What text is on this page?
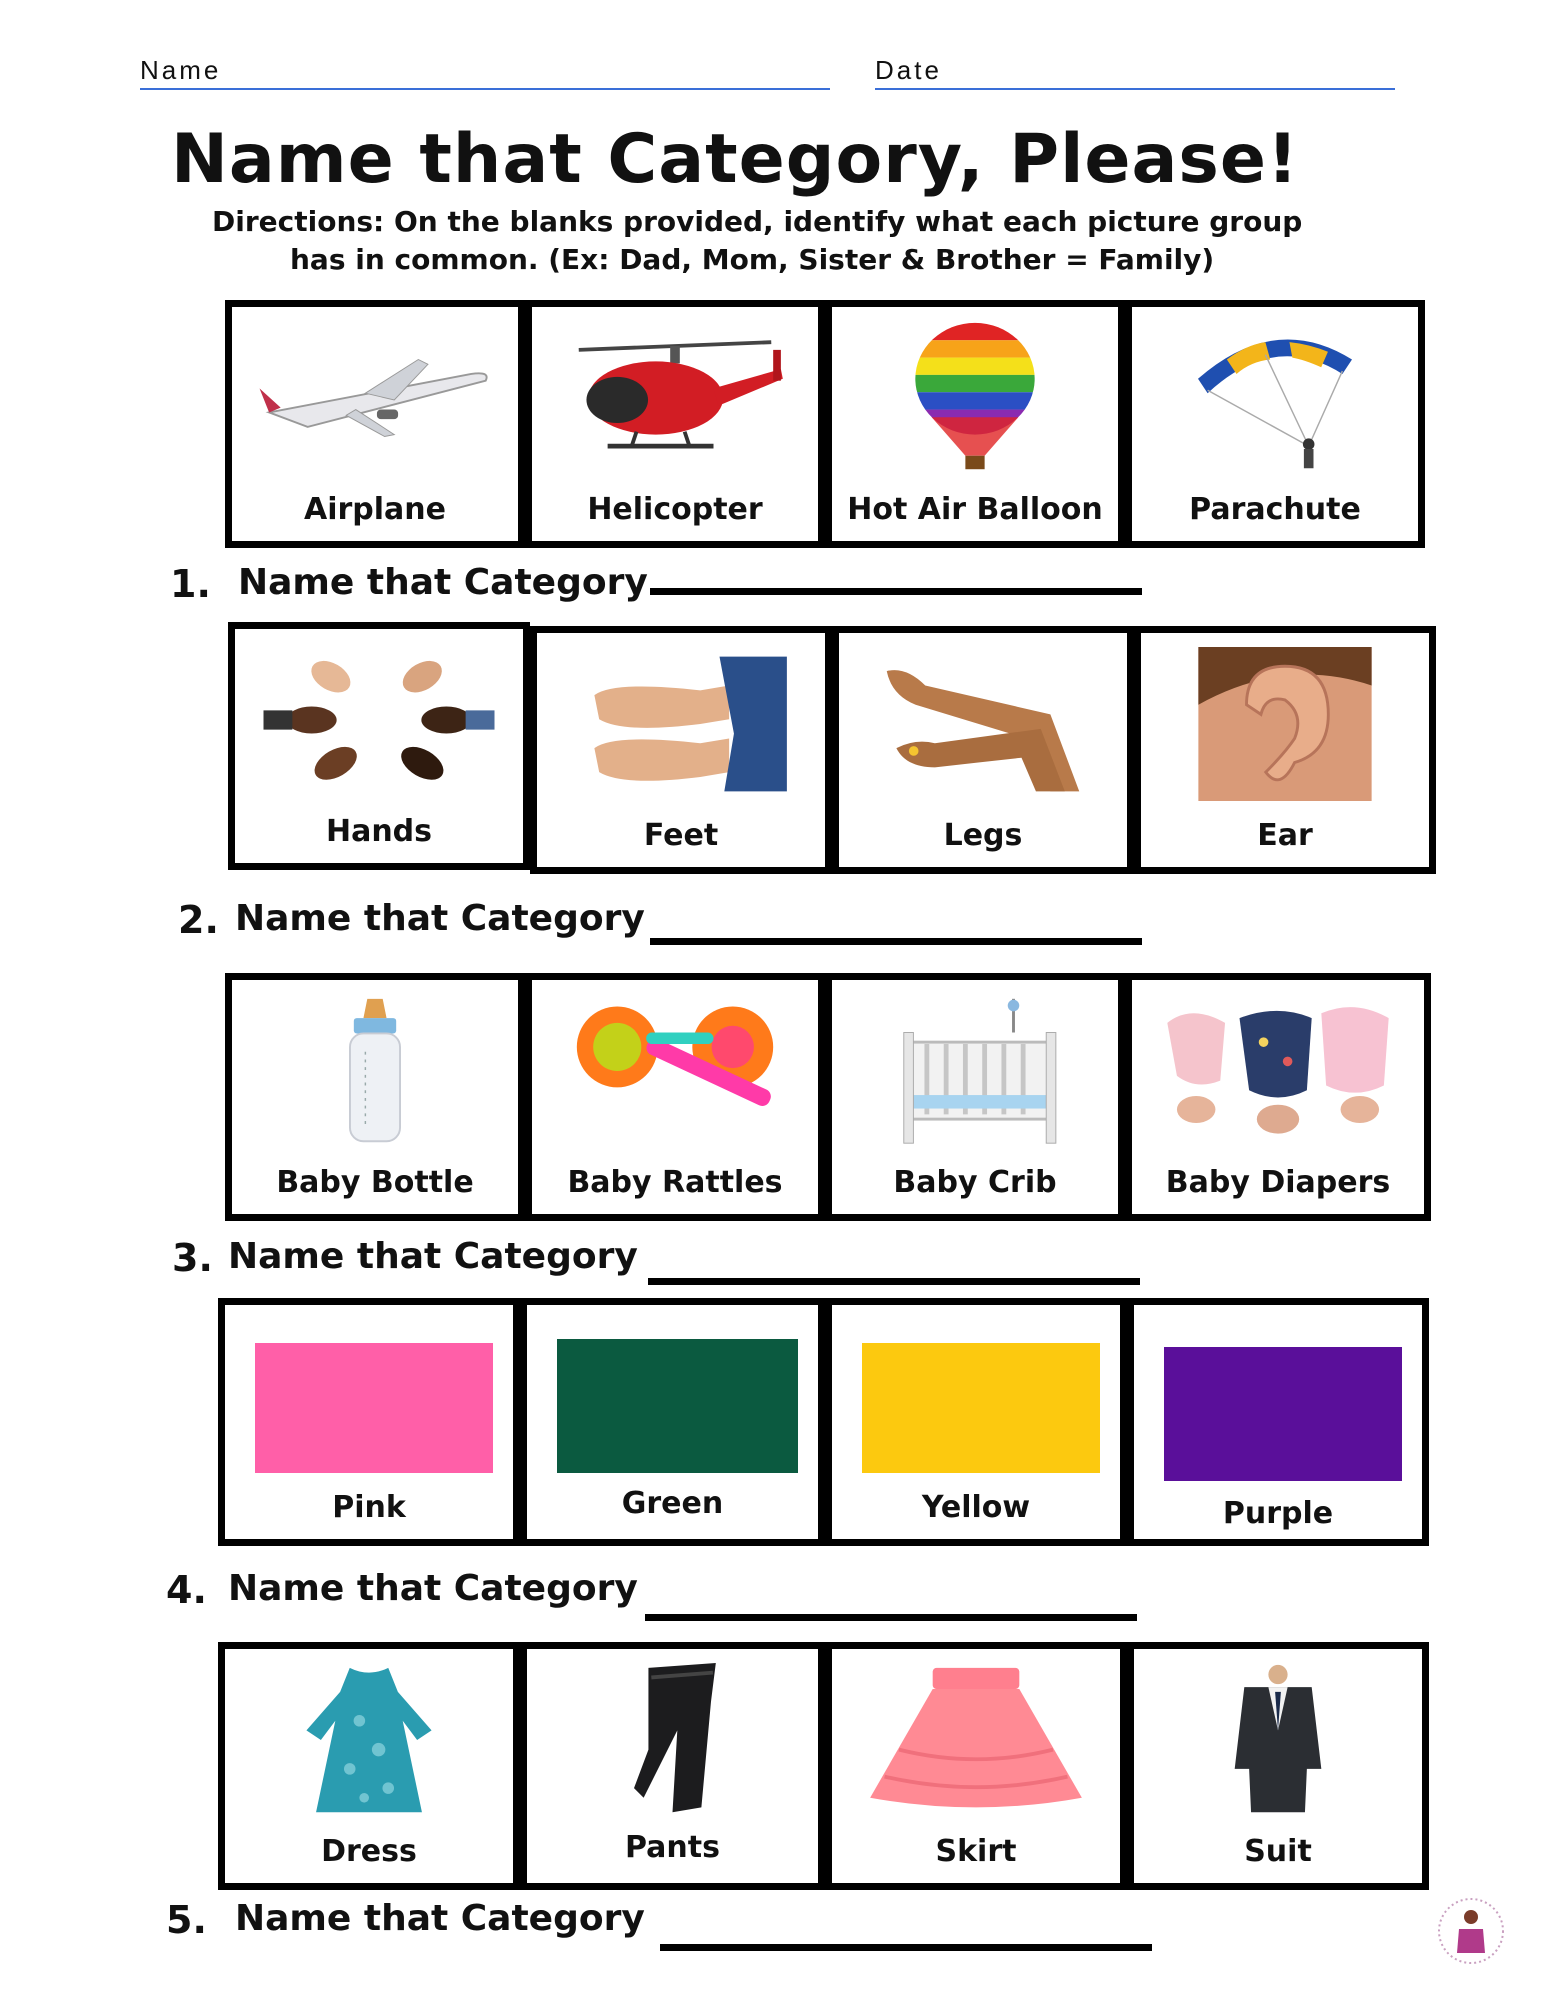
Name	Date
Name that Category, Please!
Directions: On the blanks provided, identify what each picture group
has in common. (Ex: Dad, Mom, Sister & Brother = Family)
Airplane	Helicopter	Hot Air Balloon	Parachute
1. Name that Category
Hands	Feet	Legs	Ear
2. Name that Category
Baby Bottle	Baby Rattles	Baby Crib	Baby Diapers
3. Name that Category
Pink	Green	Yellow	Purple
4. Name that Category
Dress	Pants	Skirt	Suit
5. Name that Category
